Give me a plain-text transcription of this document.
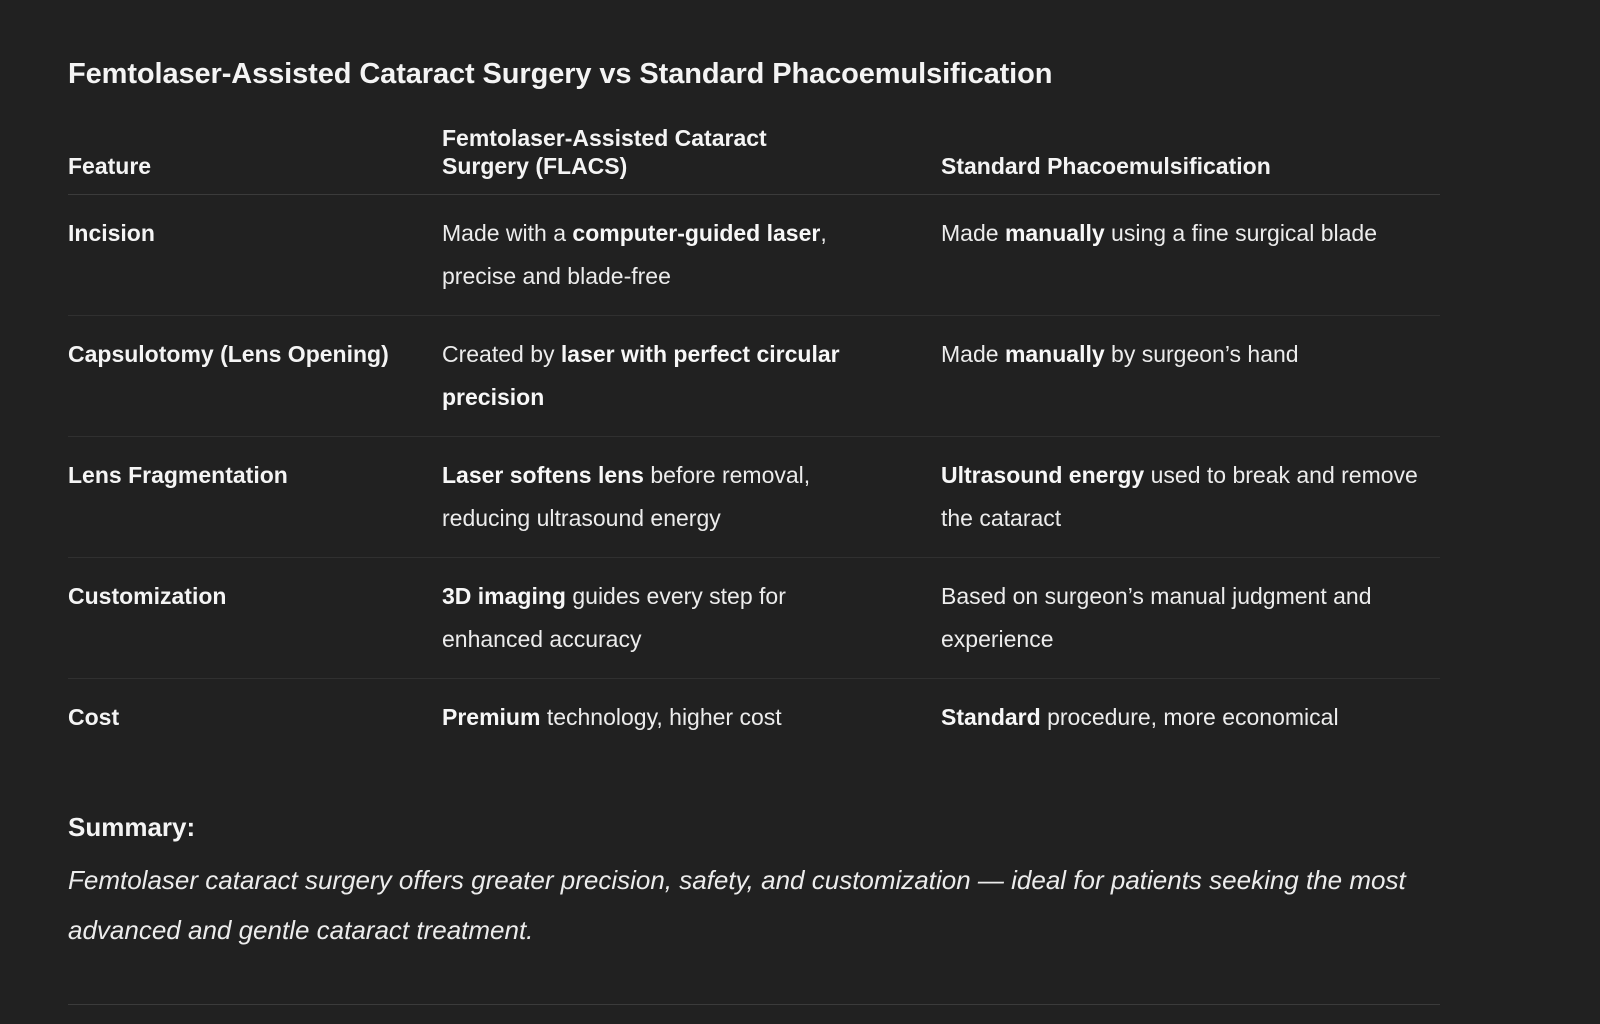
Femtolaser-Assisted Cataract Surgery vs Standard Phacoemulsification
Feature	Femtolaser-Assisted Cataract Surgery (FLACS)	Standard Phacoemulsification
Incision	Made with a computer-guided laser, precise and blade-free	Made manually using a fine surgical blade
Capsulotomy (Lens Opening)	Created by laser with perfect circular precision	Made manually by surgeon’s hand
Lens Fragmentation	Laser softens lens before removal, reducing ultrasound energy	Ultrasound energy used to break and remove the cataract
Customization	3D imaging guides every step for enhanced accuracy	Based on surgeon’s manual judgment and experience
Cost	Premium technology, higher cost	Standard procedure, more economical
Summary:
Femtolaser cataract surgery offers greater precision, safety, and customization — ideal for patients seeking the most advanced and gentle cataract treatment.
